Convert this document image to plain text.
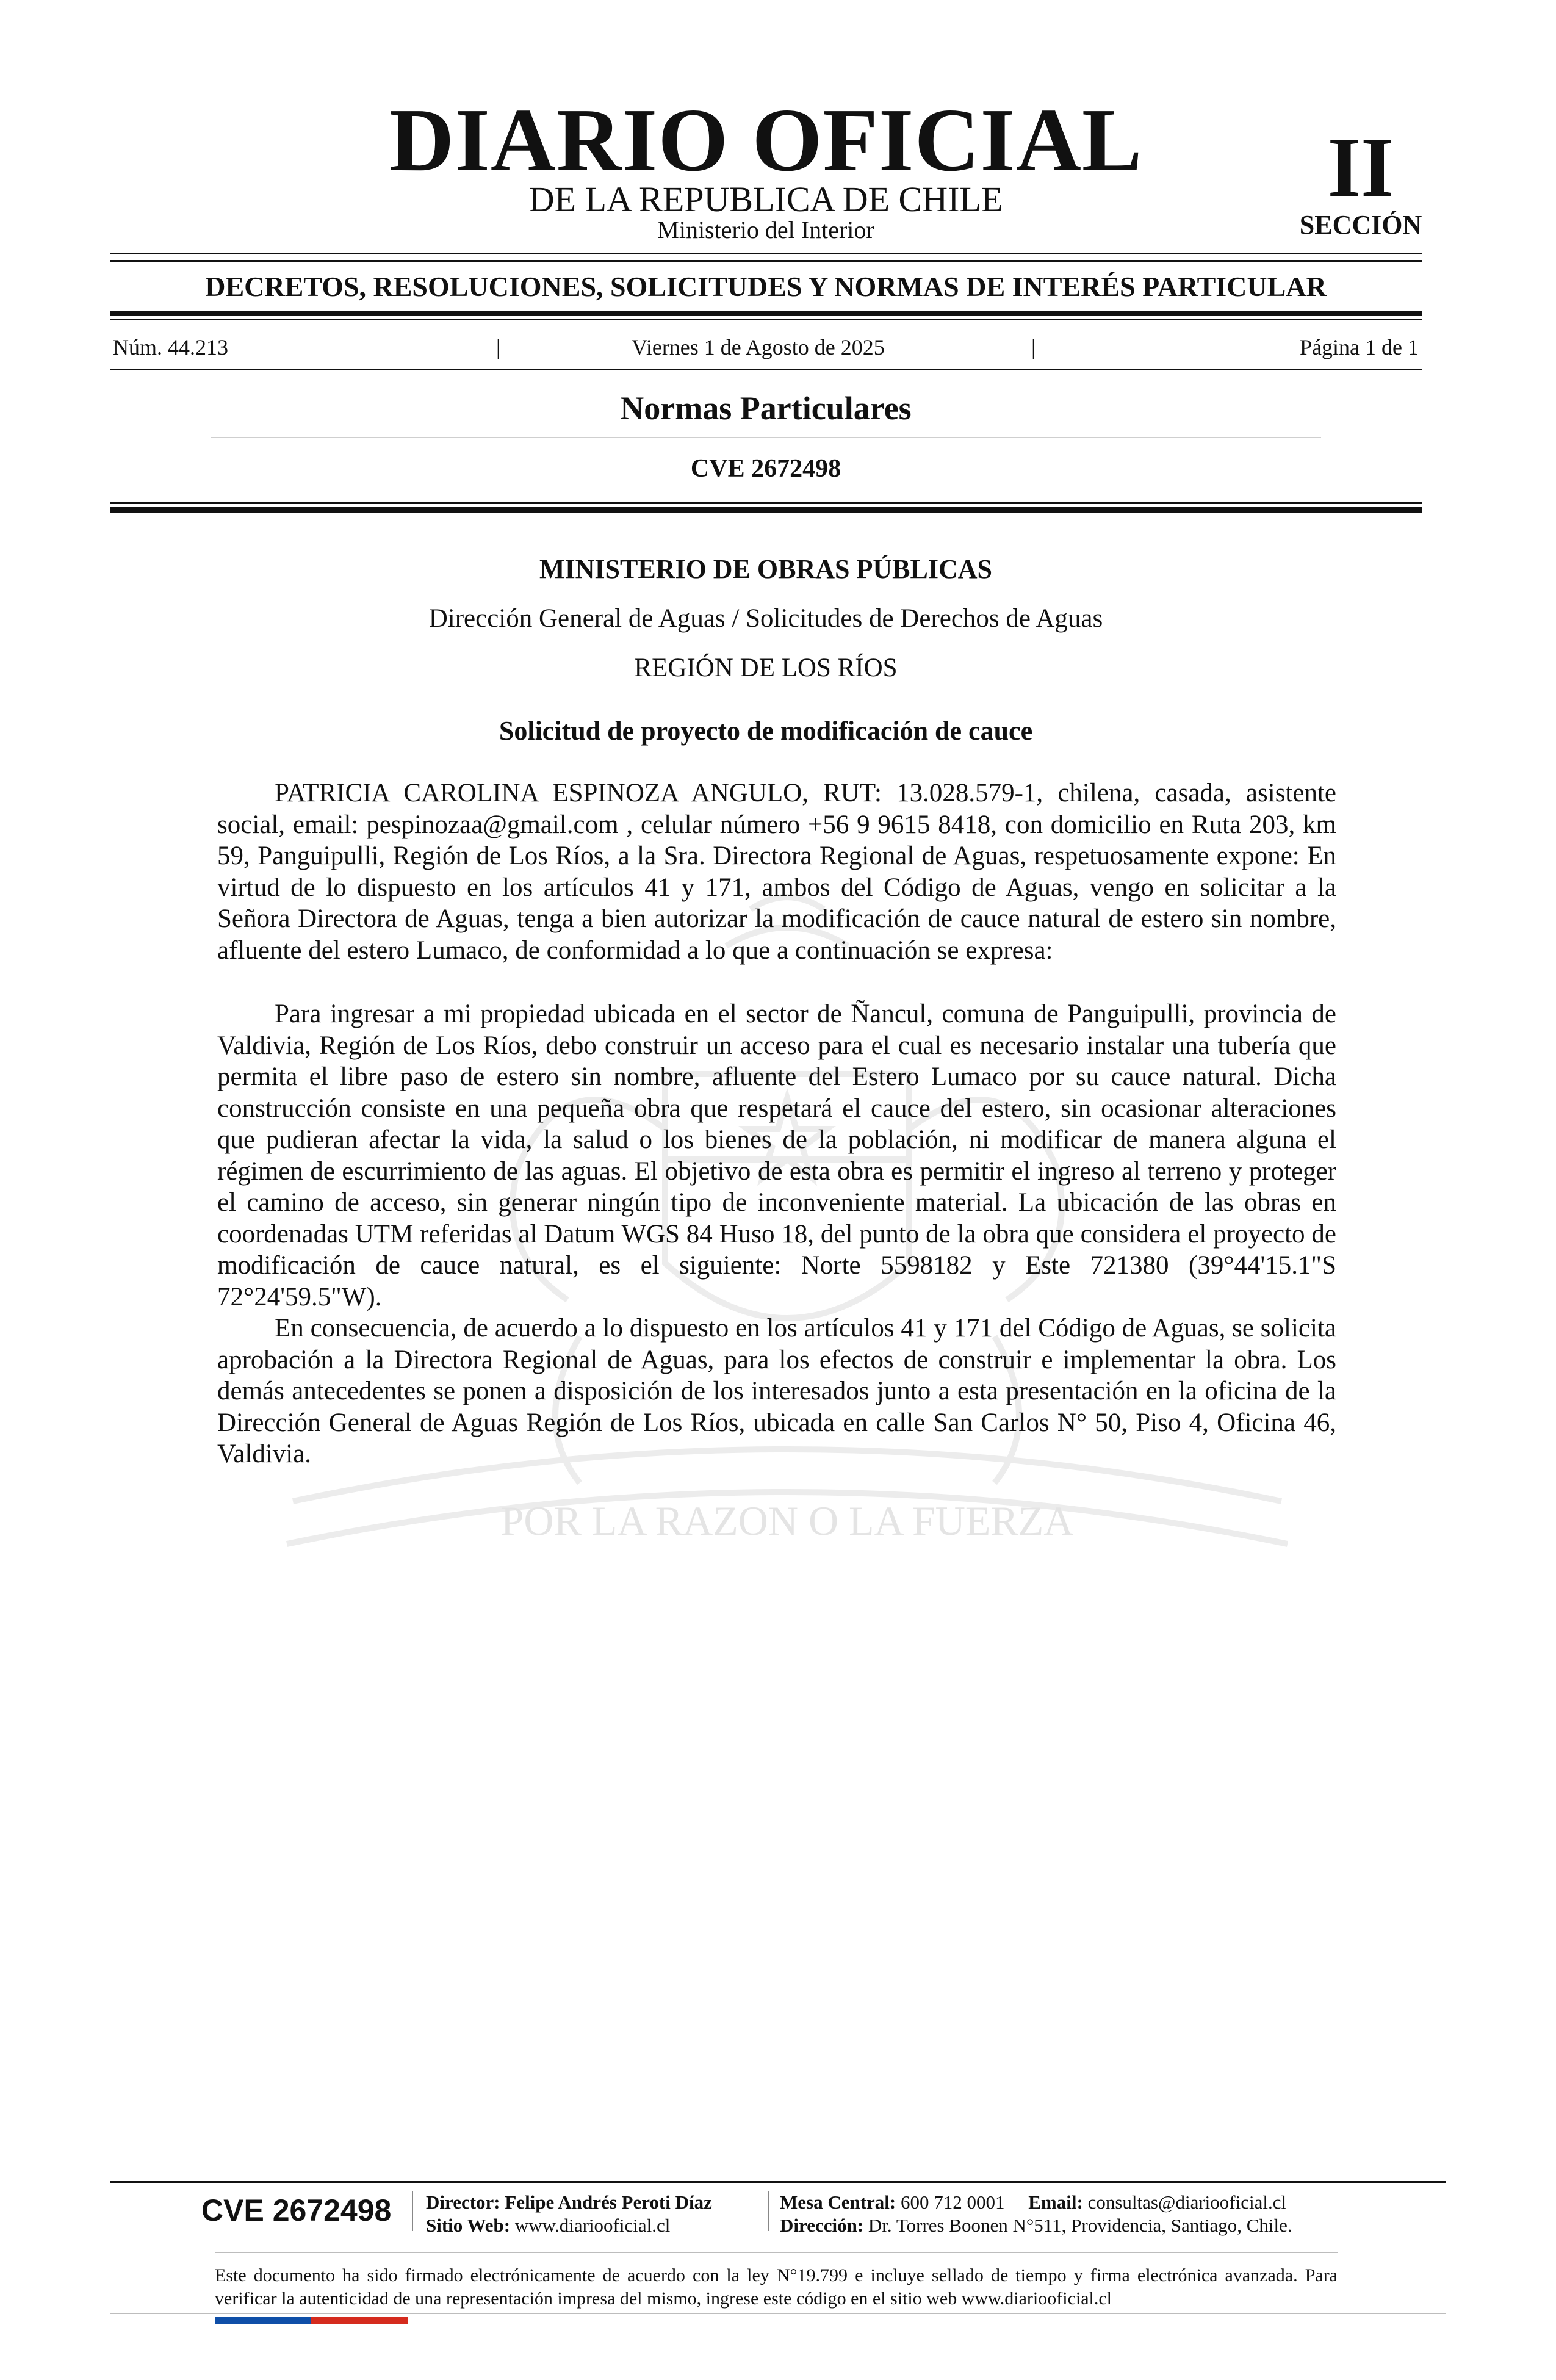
POR LA RAZON O LA FUERZA
DIARIO OFICIAL
DE LA REPUBLICA DE CHILE
Ministerio del Interior
II
SECCIÓN
DECRETOS, RESOLUCIONES, SOLICITUDES Y NORMAS DE INTERÉS PARTICULAR
Núm. 44.213	|	Viernes 1 de Agosto de 2025	|	Página 1 de 1
Normas Particulares
CVE 2672498
MINISTERIO DE OBRAS PÚBLICAS
Dirección General de Aguas / Solicitudes de Derechos de Aguas
REGIÓN DE LOS RÍOS
Solicitud de proyecto de modificación de cauce

PATRICIA CAROLINA ESPINOZA ANGULO, RUT: 13.028.579-1, chilena, casada, asistente social, email: pespinozaa@gmail.com , celular número +56 9 9615 8418, con domicilio en Ruta 203, km 59, Panguipulli, Región de Los Ríos, a la Sra. Directora Regional de Aguas, respetuosamente expone: En virtud de lo dispuesto en los artículos 41 y 171, ambos del Código de Aguas, vengo en solicitar a la Señora Directora de Aguas, tenga a bien autorizar la modificación de cauce natural de estero sin nombre, afluente del estero Lumaco, de conformidad a lo que a continuación se expresa:

Para ingresar a mi propiedad ubicada en el sector de Ñancul, comuna de Panguipulli, provincia de Valdivia, Región de Los Ríos, debo construir un acceso para el cual es necesario instalar una tubería que permita el libre paso de estero sin nombre, afluente del Estero Lumaco por su cauce natural. Dicha construcción consiste en una pequeña obra que respetará el cauce del estero, sin ocasionar alteraciones que pudieran afectar la vida, la salud o los bienes de la población, ni modificar de manera alguna el régimen de escurrimiento de las aguas. El objetivo de esta obra es permitir el ingreso al terreno y proteger el camino de acceso, sin generar ningún tipo de inconveniente material. La ubicación de las obras en coordenadas UTM referidas al Datum WGS 84 Huso 18, del punto de la obra que considera el proyecto de modificación de cauce natural, es el siguiente: Norte 5598182 y Este 721380 (39°44'15.1"S 72°24'59.5"W).

En consecuencia, de acuerdo a lo dispuesto en los artículos 41 y 171 del Código de Aguas, se solicita aprobación a la Directora Regional de Aguas, para los efectos de construir e implementar la obra. Los demás antecedentes se ponen a disposición de los interesados junto a esta presentación en la oficina de la Dirección General de Aguas Región de Los Ríos, ubicada en calle San Carlos N° 50, Piso 4, Oficina 46, Valdivia.

CVE 2672498 Director: Felipe Andrés Peroti Díaz
Sitio Web: www.diariooficial.cl
Mesa Central: 600 712 0001 Email: consultas@diariooficial.cl
Dirección: Dr. Torres Boonen N°511, Providencia, Santiago, Chile.
Este documento ha sido firmado electrónicamente de acuerdo con la ley N°19.799 e incluye sellado de tiempo y firma electrónica avanzada. Para verificar la autenticidad de una representación impresa del mismo, ingrese este código en el sitio web www.diariooficial.cl
